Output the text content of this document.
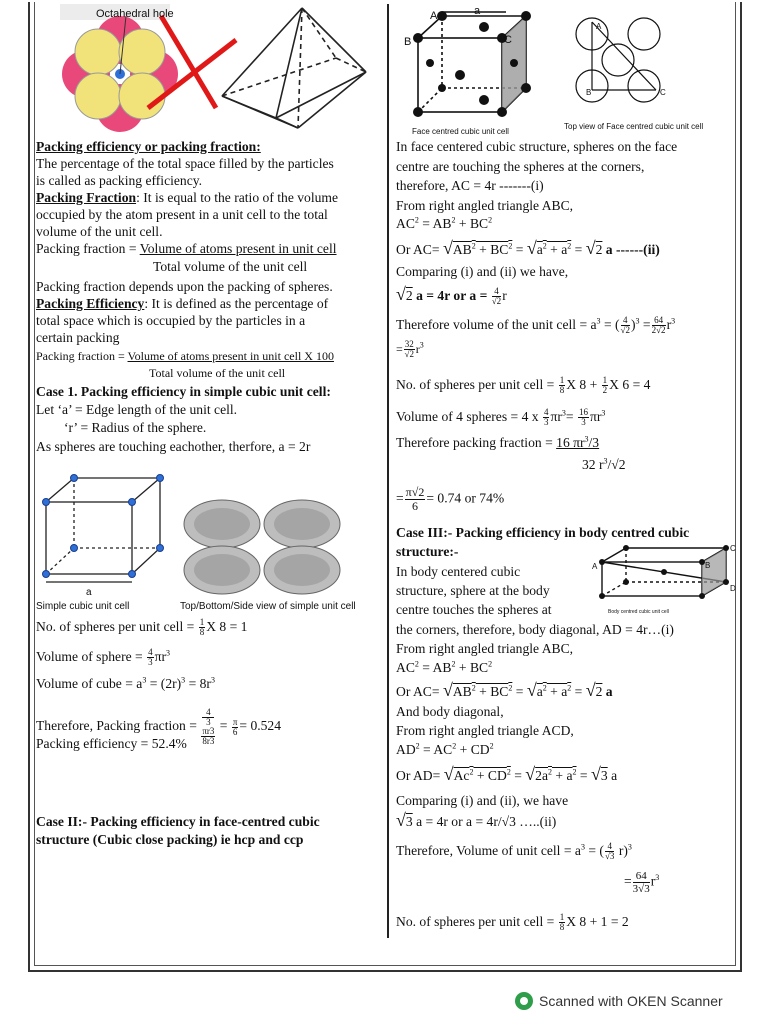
Octahedral hole
Packing efficiency or packing fraction:
The percentage of the total space filled by the particles
is called as packing efficiency.
Packing Fraction: It is equal to the ratio of the volume
occupied by the atom present in a unit cell to the total
volume of the unit cell.
Packing fraction = Volume of atoms present in unit cell
Total volume of the unit cell
Packing fraction depends upon the packing of spheres.
Packing Efficiency: It is defined as the percentage of
total space which is occupied by the particles in a
certain packing
Packing fraction = Volume of atoms present in unit cell X 100
Total volume of the unit cell
Case 1. Packing efficiency in simple cubic unit cell:
Let ‘a’ = Edge length of the unit cell.
‘r’ = Radius of the sphere.
As spheres are touching eachother, therfore, a = 2r
a
Simple cubic unit cell	Top/Bottom/Side view of simple unit cell
No. of spheres per unit cell = $\frac{1}{8}$ X 8 = 1
Volume of sphere = $\frac{4}{3} \pi r^3$
Volume of cube = $a^3 = (2r)^3 = 8r^3$
Therefore, Packing fraction = 4
3
πr3
$8r3 = \frac{\pi}{6} = 0.524$
Packing efficiency = 52.4%
Case II:- Packing efficiency in face-centred cubic
structure (Cubic close packing) ie hcp and ccp
A	a
B	C
A
B	C
Face centred cubic unit cell
Top view of Face centred cubic unit cell
In face centered cubic structure, spheres on the face
centre are touching the spheres at the corners,
therefore, AC = 4r -------(i)
From right angled triangle ABC,
$AC^2 = AB^2 + BC^2$
Or $AC= √AB^2 + BC^2 = √a^2 + a^2 = √2$ a ------(ii)
Comparing (i) and (ii) we have,
√2 a = 4r or $a = \frac{4}{√2}$ r
Therefore volume of the unit cell = $a^3$ = ( $\frac{4}{√2} )^3 = \frac{64}{2√2} r^3$
= $\frac{32}{√2} r^3$
No. of spheres per unit cell = $\frac{1}{8}$ X $8 + \frac{1}{2}$ X 6 = 4
Volume of 4 spheres = 4 x $\frac{4}{3} \pi r^3= \frac{16}{3} \pi r^3$
Therefore packing fraction = 16 $\pi r^3/3$
32 $r^3/√2$
= $\frac{\pi√2}{6} = 0.74$ or 74%
Case III:- Packing efficiency in body centred cubic
structure:-
A	B
C
D
Body centred cubic unit cell
In body centered cubic
structure, sphere at the body
centre touches the spheres at
the corners, therefore, body diagonal, AD = 4r…(i)
From right angled triangle ABC,
$AC^2 = AB^2 + BC^2$
Or $AC= √AB^2 + BC^2 = √a^2 + a^2 = √2$ a
And body diagonal,
From right angled triangle ACD,
$AD^2 = AC^2 + CD^2$
Or $AD= √Ac^2 + CD^2 = √2a^2 + a^2 = √3$ a
Comparing (i) and (ii), we have
√3 a = 4r or a = 4r/√3 …..(ii)
Therefore, Volume of unit cell = $a^3$ = ( $\frac{4}{√3} r)^3$
= $\frac{64}{3√3} r^3$
No. of spheres per unit cell = $\frac{1}{8}$ X 8 + 1 = 2
Scanned with OKEN Scanner
